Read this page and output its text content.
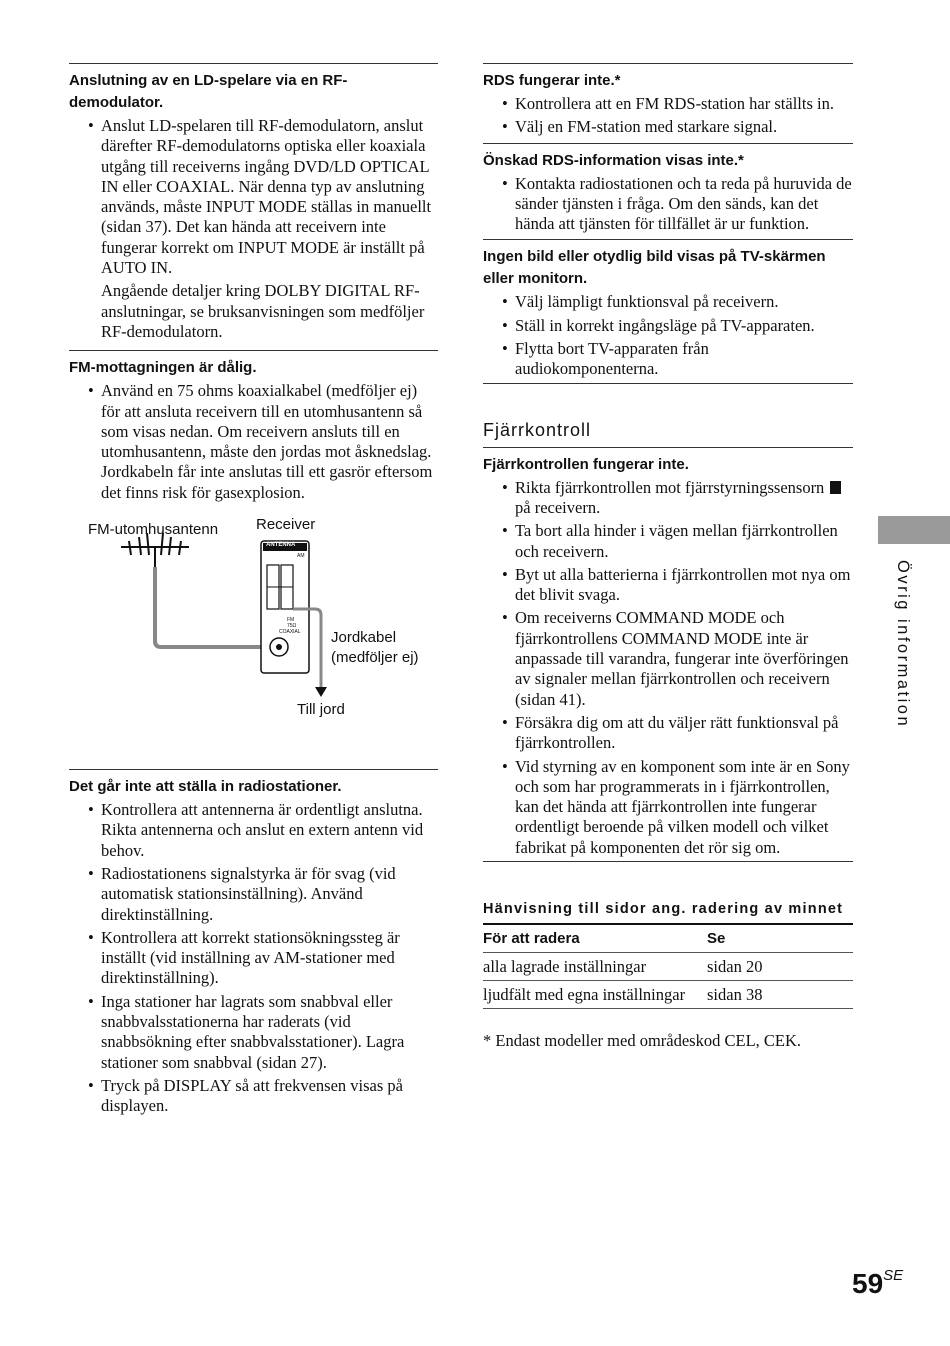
Anslutning av en LD-spelare via en RF-demodulator.
• Anslut LD-spelaren till RF-demodulatorn, anslut därefter RF-demodulatorns optiska eller koaxiala utgång till receiverns ingång DVD/LD OPTICAL IN eller COAXIAL. När denna typ av anslutning används, måste INPUT MODE ställas in manuellt (sidan 37). Det kan hända att receivern inte fungerar korrekt om INPUT MODE är inställt på AUTO IN.

Angående detaljer kring DOLBY DIGITAL RF-anslutningar, se bruksanvisningen som medföljer RF-demodulatorn.

FM-mottagningen är dålig.
• Använd en 75 ohms koaxialkabel (medföljer ej) för att ansluta receivern till en utomhusantenn så som visas nedan. Om receivern ansluts till en utomhusantenn, måste den jordas mot åsknedslag. Jordkabeln får inte anslutas till ett gasrör eftersom det finns risk för gasexplosion.
FM-utomhusantenn	Receiver
ANTENNA
AM
FM
75Ω
COAXIAL Jordkabel
(medföljer ej)
Till jord
Det går inte att ställa in radiostationer.
• Kontrollera att antennerna är ordentligt anslutna. Rikta antennerna och anslut en extern antenn vid behov.
• Radiostationens signalstyrka är för svag (vid automatisk stationsinställning). Använd direktinställning.
• Kontrollera att korrekt stationsökningssteg är inställt (vid inställning av AM-stationer med direktinställning).
• Inga stationer har lagrats som snabbval eller snabbvalsstationerna har raderats (vid snabbsökning efter snabbvalsstationer). Lagra stationer som snabbval (sidan 27).
• Tryck på DISPLAY så att frekvensen visas på displayen.
RDS fungerar inte.*
• Kontrollera att en FM RDS-station har ställts in.
• Välj en FM-station med starkare signal.
Önskad RDS-information visas inte.*
• Kontakta radiostationen och ta reda på huruvida de sänder tjänsten i fråga. Om den sänds, kan det hända att tjänsten för tillfället är ur funktion.
Ingen bild eller otydlig bild visas på TV-skärmen eller monitorn.
• Välj lämpligt funktionsval på receivern.
• Ställ in korrekt ingångsläge på TV-apparaten.
• Flytta bort TV-apparaten från audiokomponenterna.
Fjärrkontroll
Fjärrkontrollen fungerar inte.
• Rikta fjärrkontrollen mot fjärrstyrningssensorn  på receivern.
• Ta bort alla hinder i vägen mellan fjärrkontrollen och receivern.
• Byt ut alla batterierna i fjärrkontrollen mot nya om det blivit svaga.
• Om receiverns COMMAND MODE och fjärrkontrollens COMMAND MODE inte är anpassade till varandra, fungerar inte överföringen av signaler mellan fjärrkontrollen och receivern (sidan 41).
• Försäkra dig om att du väljer rätt funktionsval på fjärrkontrollen.
• Vid styrning av en komponent som inte är en Sony och som har programmerats in i fjärrkontrollen, kan det hända att fjärrkontrollen inte fungerar ordentligt beroende på vilken modell och vilket fabrikat på komponenten det rör sig om.
Hänvisning till sidor ang. radering av minnet
För att radera	Se
alla lagrade inställningar	sidan 20
ljudfält med egna inställningar	sidan 38
* Endast modeller med områdeskod CEL, CEK.
Övrig information
$59^{SE}$
